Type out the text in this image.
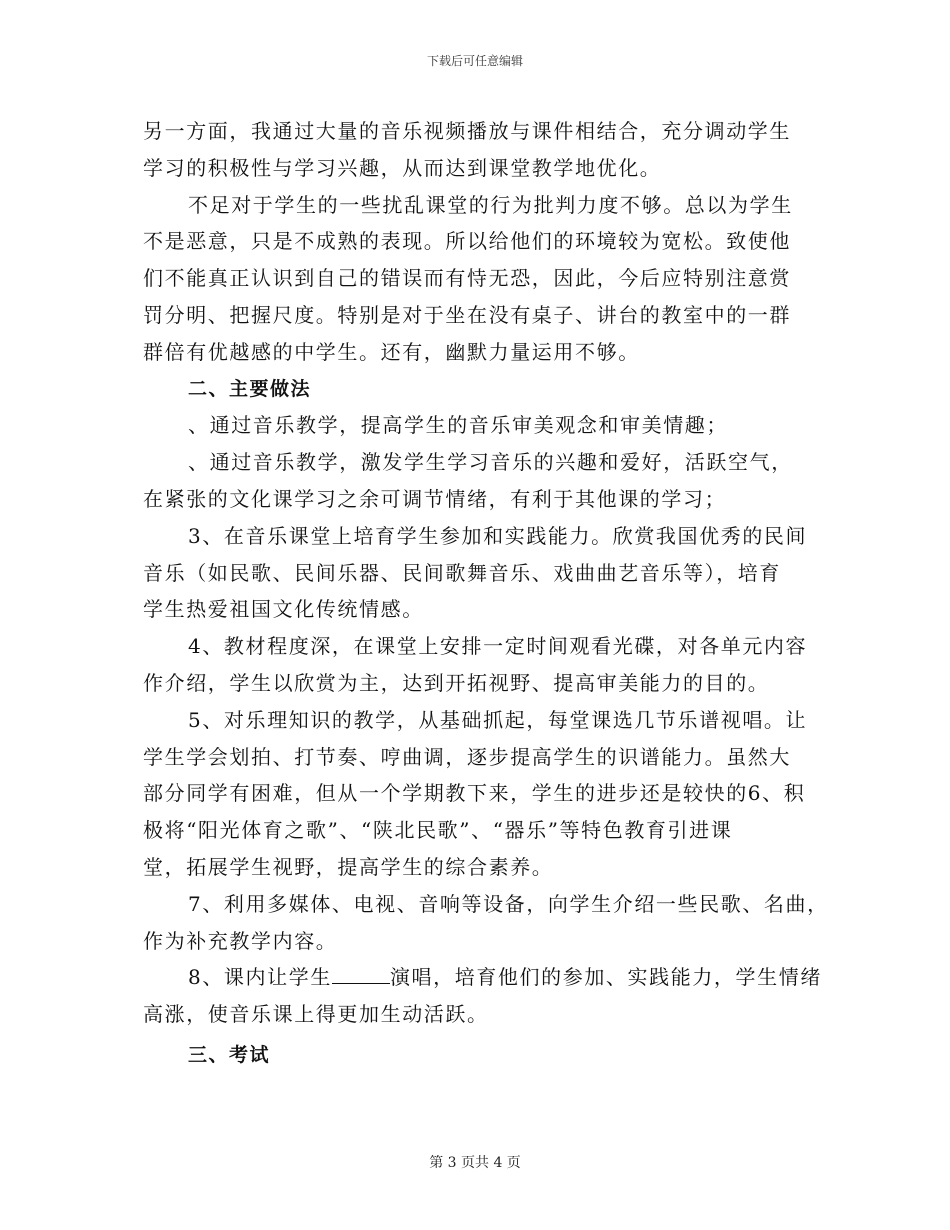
下载后可任意编辑
另一方面，我通过大量的音乐视频播放与课件相结合，充分调动学生
学习的积极性与学习兴趣，从而达到课堂教学地优化。
不足对于学生的一些扰乱课堂的行为批判力度不够。总以为学生
不是恶意，只是不成熟的表现。所以给他们的环境较为宽松。致使他
们不能真正认识到自己的错误而有恃无恐，因此，今后应特别注意赏
罚分明、把握尺度。特别是对于坐在没有桌子、讲台的教室中的一群
群倍有优越感的中学生。还有，幽默力量运用不够。
二、主要做法
、通过音乐教学，提高学生的音乐审美观念和审美情趣；
、通过音乐教学，激发学生学习音乐的兴趣和爱好，活跃空气，
在紧张的文化课学习之余可调节情绪，有利于其他课的学习；
3、在音乐课堂上培育学生参加和实践能力。欣赏我国优秀的民间
音乐（如民歌、民间乐器、民间歌舞音乐、戏曲曲艺音乐等），培育
学生热爱祖国文化传统情感。
4、教材程度深，在课堂上安排一定时间观看光碟，对各单元内容
作介绍，学生以欣赏为主，达到开拓视野、提高审美能力的目的。
5、对乐理知识的教学，从基础抓起，每堂课选几节乐谱视唱。让
学生学会划拍、打节奏、哼曲调，逐步提高学生的识谱能力。虽然大
部分同学有困难，但从一个学期教下来，学生的进步还是较快的6、积
极将“阳光体育之歌”、“陕北民歌”、“器乐”等特色教育引进课
堂，拓展学生视野，提高学生的综合素养。
7、利用多媒体、电视、音响等设备，向学生介绍一些民歌、名曲，
作为补充教学内容。
8、课内让学生	演唱，培育他们的参加、实践能力，学生情绪
高涨，使音乐课上得更加生动活跃。
三、考试
第 3 页共 4 页
